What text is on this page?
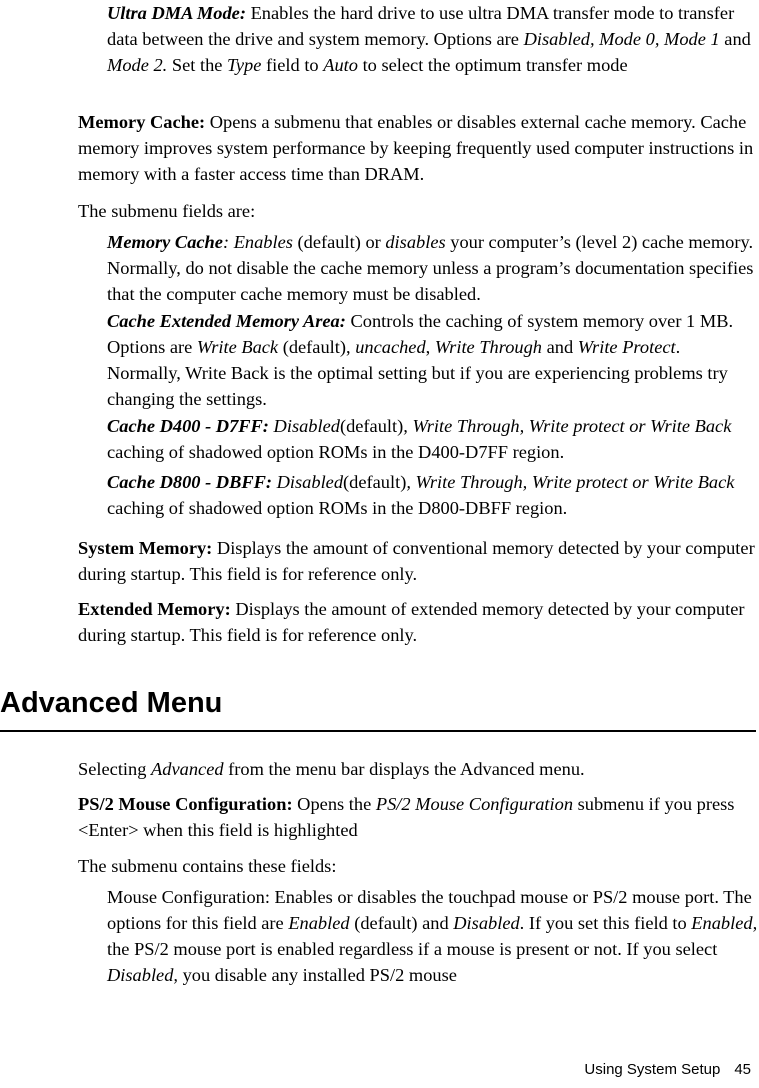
Ultra DMA Mode: Enables the hard drive to use ultra DMA transfer mode to transfer data between the drive and system memory. Options are Disabled, Mode 0, Mode 1 and Mode 2. Set the Type field to Auto to select the optimum transfer mode

Memory Cache: Opens a submenu that enables or disables external cache memory. Cache memory improves system performance by keeping frequently used computer instructions in memory with a faster access time than DRAM.

The submenu fields are:

Memory Cache: Enables (default) or disables your computer’s (level 2) cache memory. Normally, do not disable the cache memory unless a program’s documentation specifies that the computer cache memory must be disabled.

Cache Extended Memory Area: Controls the caching of system memory over 1 MB. Options are Write Back (default), uncached, Write Through and Write Protect. Normally, Write Back is the optimal setting but if you are experiencing problems try changing the settings.

Cache D400 - D7FF: Disabled(default), Write Through, Write protect or Write Back caching of shadowed option ROMs in the D400-D7FF region.

Cache D800 - DBFF: Disabled(default), Write Through, Write protect or Write Back caching of shadowed option ROMs in the D800-DBFF region.

System Memory: Displays the amount of conventional memory detected by your computer during startup. This field is for reference only.

Extended Memory: Displays the amount of extended memory detected by your computer during startup. This field is for reference only.

Advanced Menu

Selecting Advanced from the menu bar displays the Advanced menu.

PS/2 Mouse Configuration: Opens the PS/2 Mouse Configuration submenu if you press <Enter> when this field is highlighted

The submenu contains these fields:

Mouse Configuration: Enables or disables the touchpad mouse or PS/2 mouse port. The options for this field are Enabled (default) and Disabled. If you set this field to Enabled, the PS/2 mouse port is enabled regardless if a mouse is present or not. If you select Disabled, you disable any installed PS/2 mouse

Using System Setup 45
